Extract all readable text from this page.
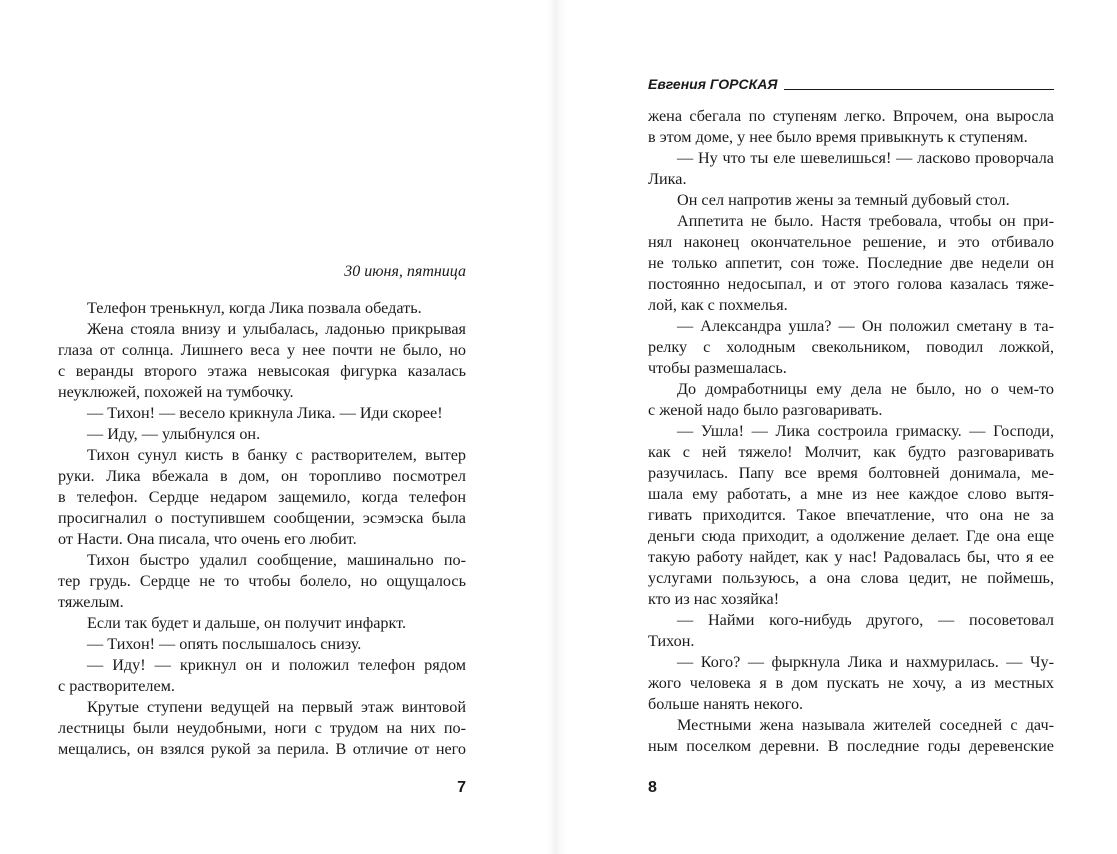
30 июня, пятница
Телефон тренькнул, когда Лика позвала обедать.
Жена стояла внизу и улыбалась, ладонью прикрывая
глаза от солнца. Лишнего веса у нее почти не было, но
с веранды второго этажа невысокая фигурка казалась
неуклюжей, похожей на тумбочку.
— Тихон! — весело крикнула Лика. — Иди скорее!
— Иду, — улыбнулся он.
Тихон сунул кисть в банку с растворителем, вытер
руки. Лика вбежала в дом, он торопливо посмотрел
в телефон. Сердце недаром защемило, когда телефон
просигналил о поступившем сообщении, эсэмэска была
от Насти. Она писала, что очень его любит.
Тихон быстро удалил сообщение, машинально по-
тер грудь. Сердце не то чтобы болело, но ощущалось
тяжелым.
Если так будет и дальше, он получит инфаркт.
— Тихон! — опять послышалось снизу.
— Иду! — крикнул он и положил телефон рядом
с растворителем.
Крутые ступени ведущей на первый этаж винтовой
лестницы были неудобными, ноги с трудом на них по-
мещались, он взялся рукой за перила. В отличие от него
7
Евгения ГОРСКАЯ
жена сбегала по ступеням легко. Впрочем, она выросла
в этом доме, у нее было время привыкнуть к ступеням.
— Ну что ты еле шевелишься! — ласково проворчала
Лика.
Он сел напротив жены за темный дубовый стол.
Аппетита не было. Настя требовала, чтобы он при-
нял наконец окончательное решение, и это отбивало
не только аппетит, сон тоже. Последние две недели он
постоянно недосыпал, и от этого голова казалась тяже-
лой, как с похмелья.
— Александра ушла? — Он положил сметану в та-
релку с холодным свекольником, поводил ложкой,
чтобы размешалась.
До домработницы ему дела не было, но о чем-то
с женой надо было разговаривать.
— Ушла! — Лика состроила гримаску. — Господи,
как с ней тяжело! Молчит, как будто разговаривать
разучилась. Папу все время болтовней донимала, ме-
шала ему работать, а мне из нее каждое слово вытя-
гивать приходится. Такое впечатление, что она не за
деньги сюда приходит, а одолжение делает. Где она еще
такую работу найдет, как у нас! Радовалась бы, что я ее
услугами пользуюсь, а она слова цедит, не поймешь,
кто из нас хозяйка!
— Найми кого-нибудь другого, — посоветовал
Тихон.
— Кого? — фыркнула Лика и нахмурилась. — Чу-
жого человека я в дом пускать не хочу, а из местных
больше нанять некого.
Местными жена называла жителей соседней с дач-
ным поселком деревни. В последние годы деревенские
8
